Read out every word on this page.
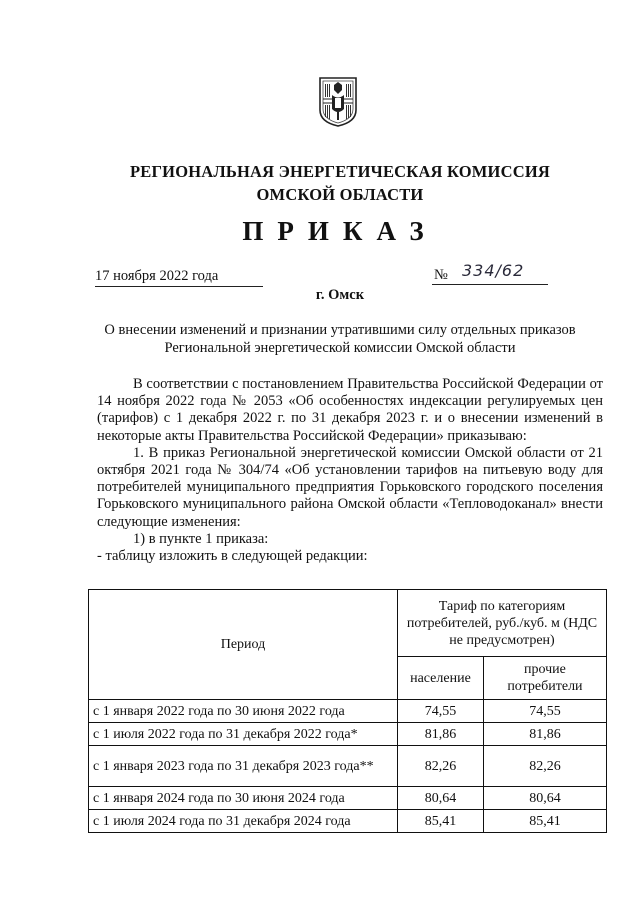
РЕГИОНАЛЬНАЯ ЭНЕРГЕТИЧЕСКАЯ КОМИССИЯ
ОМСКОЙ ОБЛАСТИ
ПРИКАЗ
17 ноября 2022 года	№ 334/62
г. Омск
О внесении изменений и признании утратившими силу отдельных приказов Региональной энергетической комиссии Омской области

В соответствии с постановлением Правительства Российской Федерации от 14 ноября 2022 года № 2053 «Об особенностях индексации регулируемых цен (тарифов) с 1 декабря 2022 г. по 31 декабря 2023 г. и о внесении изменений в некоторые акты Правительства Российской Федерации» приказываю:

1. В приказ Региональной энергетической комиссии Омской области от 21 октября 2021 года № 304/74 «Об установлении тарифов на питьевую воду для потребителей муниципального предприятия Горьковского городского поселения Горьковского муниципального района Омской области «Тепловодоканал» внести следующие изменения:

1) в пункте 1 приказа:

- таблицу изложить в следующей редакции:

Период	Тариф по категориям потребителей, руб./куб. м (НДС не предусмотрен)	
	население	прочие потребители
с 1 января 2022 года по 30 июня 2022 года	74,55	74,55
с 1 июля 2022 года по 31 декабря 2022 года*	81,86	81,86
с 1 января 2023 года по 31 декабря 2023 года**	82,26	82,26
с 1 января 2024 года по 30 июня 2024 года	80,64	80,64
с 1 июля 2024 года по 31 декабря 2024 года	85,41	85,41
